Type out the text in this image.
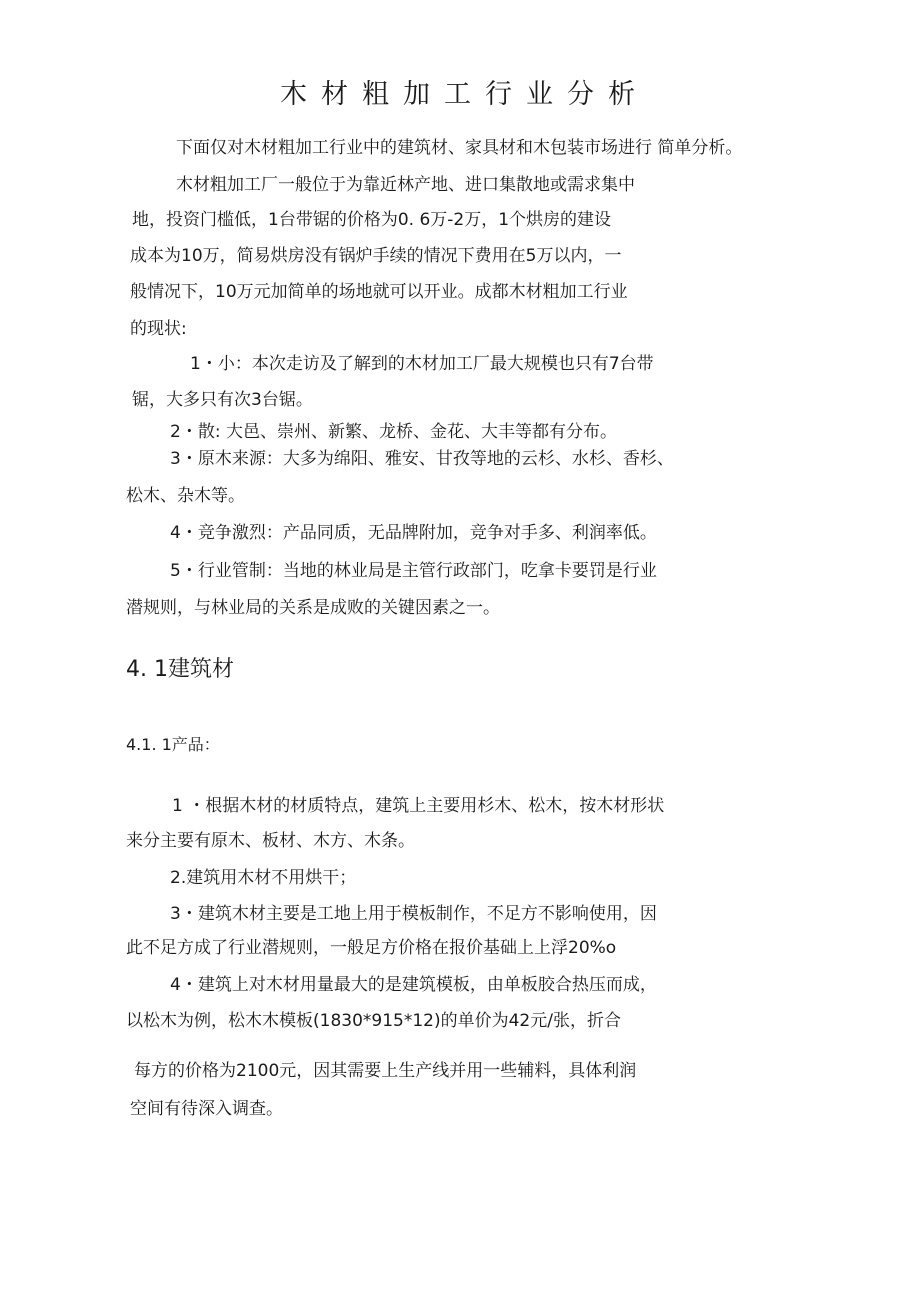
木材粗加工行业分析
下面仅对木材粗加工行业中的建筑材、家具材和木包装市场进行 简单分析。
木材粗加工厂一般位于为靠近林产地、进口集散地或需求集中
地，投资门槛低，1台带锯的价格为0. 6万-2万，1个烘房的建设
成本为10万，简易烘房没有锅炉手续的情况下费用在5万以内，一
般情况下，10万元加简单的场地就可以开业。成都木材粗加工行业
的现状:
1・小：本次走访及了解到的木材加工厂最大规模也只有7台带
锯，大多只有次3台锯。
2・散: 大邑、崇州、新繁、龙桥、金花、大丰等都有分布。
3・原木来源：大多为绵阳、雅安、甘孜等地的云杉、水杉、香杉、
松木、杂木等。
4・竞争激烈：产品同质，无品牌附加，竞争对手多、利润率低。
5・行业管制：当地的林业局是主管行政部门，吃拿卡要罚是行业
潜规则，与林业局的关系是成败的关键因素之一。
4. 1建筑材
4.1. 1产品：
1 ・根据木材的材质特点，建筑上主要用杉木、松木，按木材形状
来分主要有原木、板材、木方、木条。
2.建筑用木材不用烘干；
3・建筑木材主要是工地上用于模板制作，不足方不影响使用，因
此不足方成了行业潜规则，一般足方价格在报价基础上上浮20%o
4・建筑上对木材用量最大的是建筑模板，由单板胶合热压而成，
以松木为例，松木木模板(1830*915*12)的单价为42元/张，折合
每方的价格为2100元，因其需要上生产线并用一些辅料，具体利润
空间有待深入调查。
